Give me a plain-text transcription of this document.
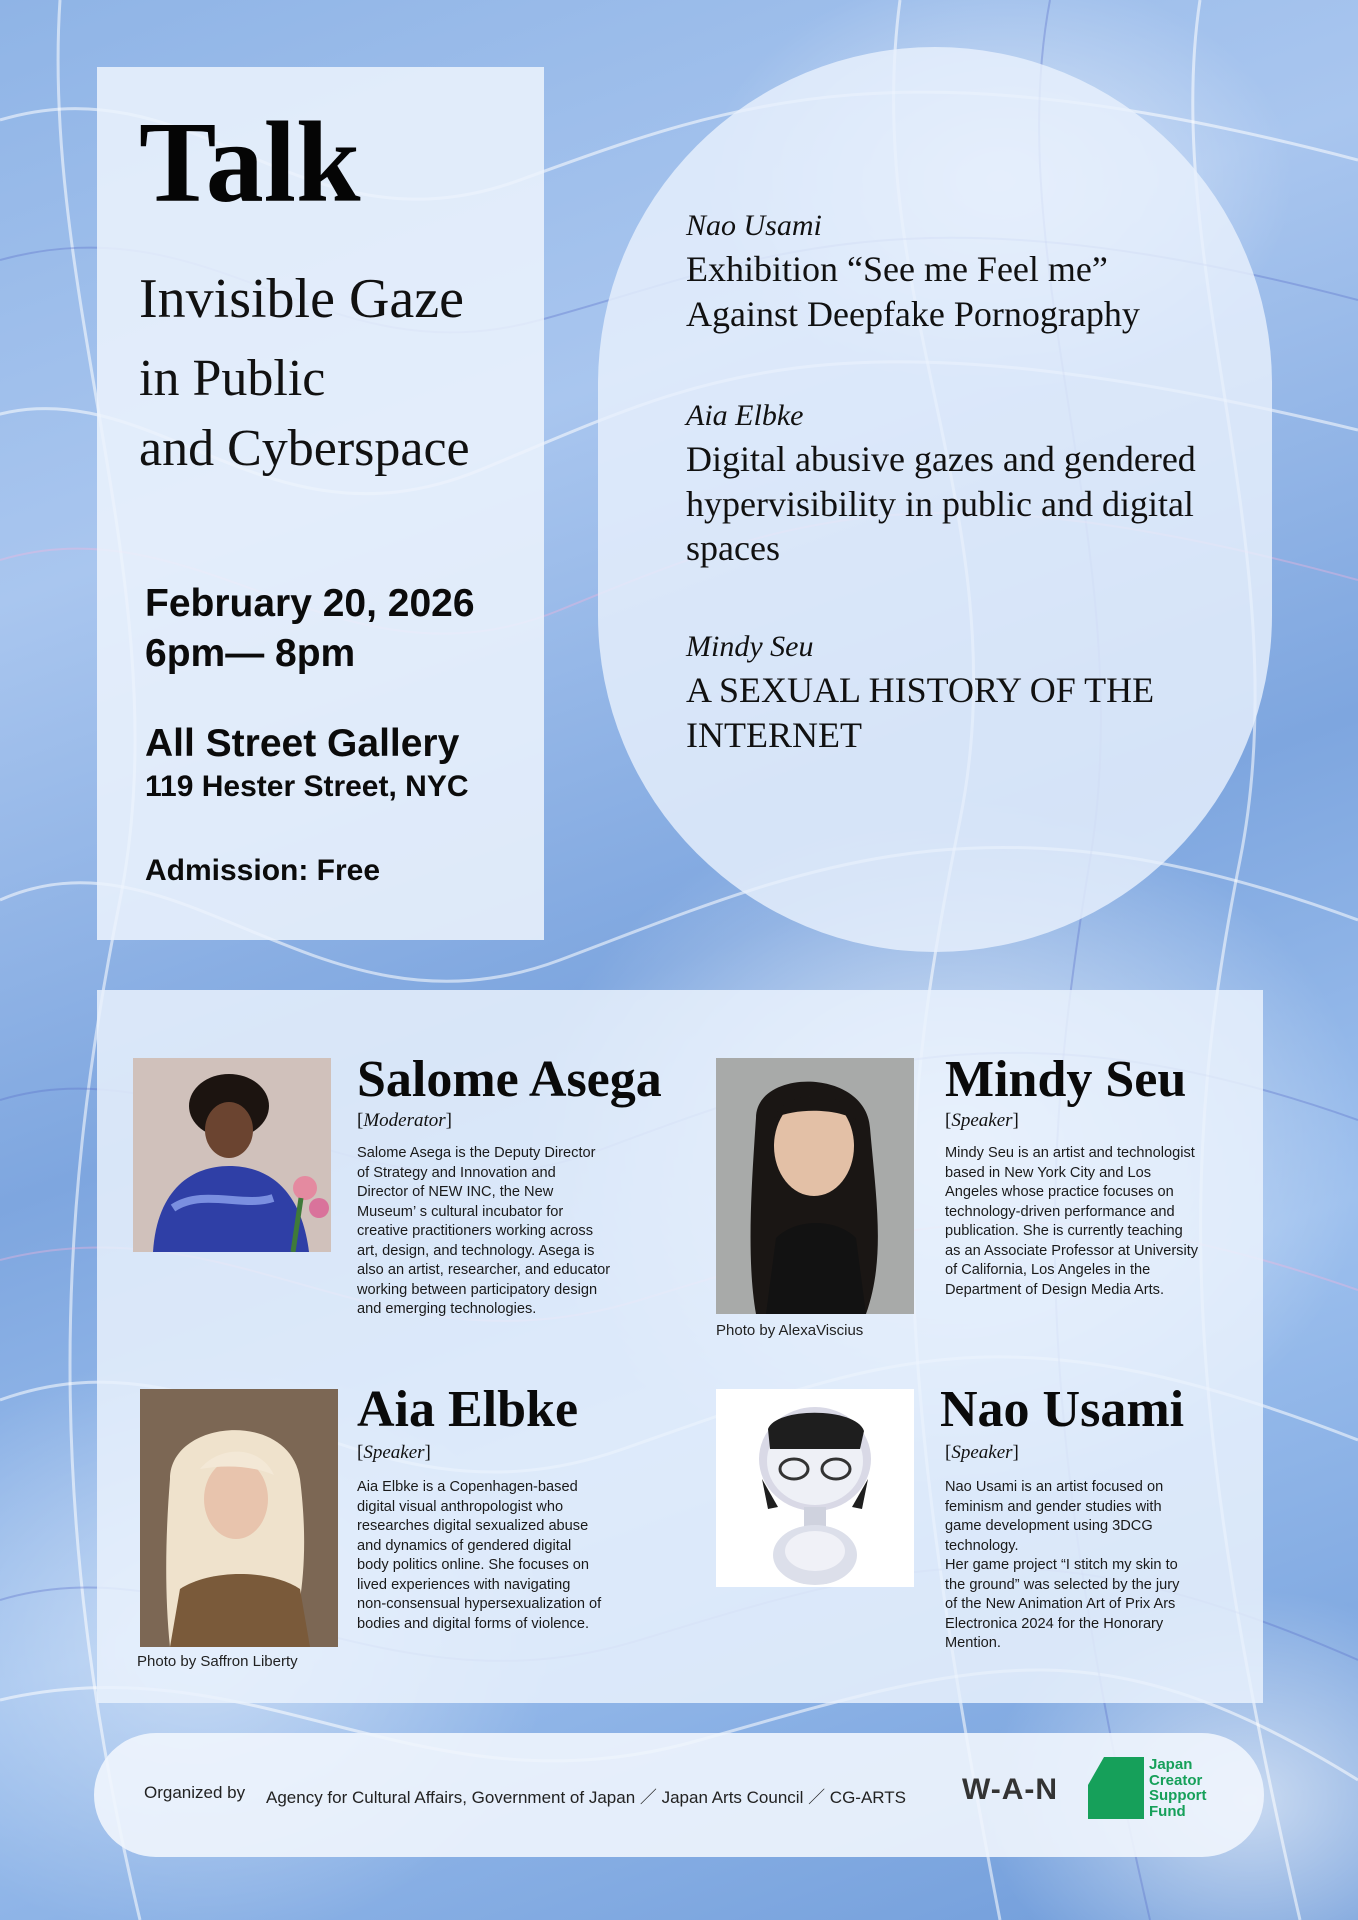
Talk
Invisible Gaze
in Public
and Cyberspace
February 20, 2026
6pm— 8pm
All Street Gallery
119 Hester Street, NYC
Admission: Free
Nao Usami
Exhibition “See me Feel me”
Against Deepfake Pornography
Aia Elbke
Digital abusive gazes and gendered hypervisibility in public and digital spaces
Mindy Seu
A SEXUAL HISTORY OF THE INTERNET
Salome Asega
[Moderator]
Salome Asega is the Deputy Director
of Strategy and Innovation and
Director of NEW INC, the New
Museum’ s cultural incubator for
creative practitioners working across
art, design, and technology. Asega is
also an artist, researcher, and educator
working between participatory design
and emerging technologies.
Photo by AlexaViscius
Mindy Seu
[Speaker]
Mindy Seu is an artist and technologist
based in New York City and Los
Angeles whose practice focuses on
technology-driven performance and
publication. She is currently teaching
as an Associate Professor at University
of California, Los Angeles in the
Department of Design Media Arts.
Photo by Saffron Liberty
Aia Elbke
[Speaker]
Aia Elbke is a Copenhagen-based
digital visual anthropologist who
researches digital sexualized abuse
and dynamics of gendered digital
body politics online. She focuses on
lived experiences with navigating
non-consensual hypersexualization of
bodies and digital forms of violence.
Nao Usami
[Speaker]
Nao Usami is an artist focused on
feminism and gender studies with
game development using 3DCG
technology.
Her game project “I stitch my skin to
the ground” was selected by the jury
of the New Animation Art of Prix Ars
Electronica 2024 for the Honorary
Mention.
Organized by Agency for Cultural Affairs, Government of Japan ／ Japan Arts Council ／ CG-ARTS W-A-N
Japan
Creator
Support
Fund
